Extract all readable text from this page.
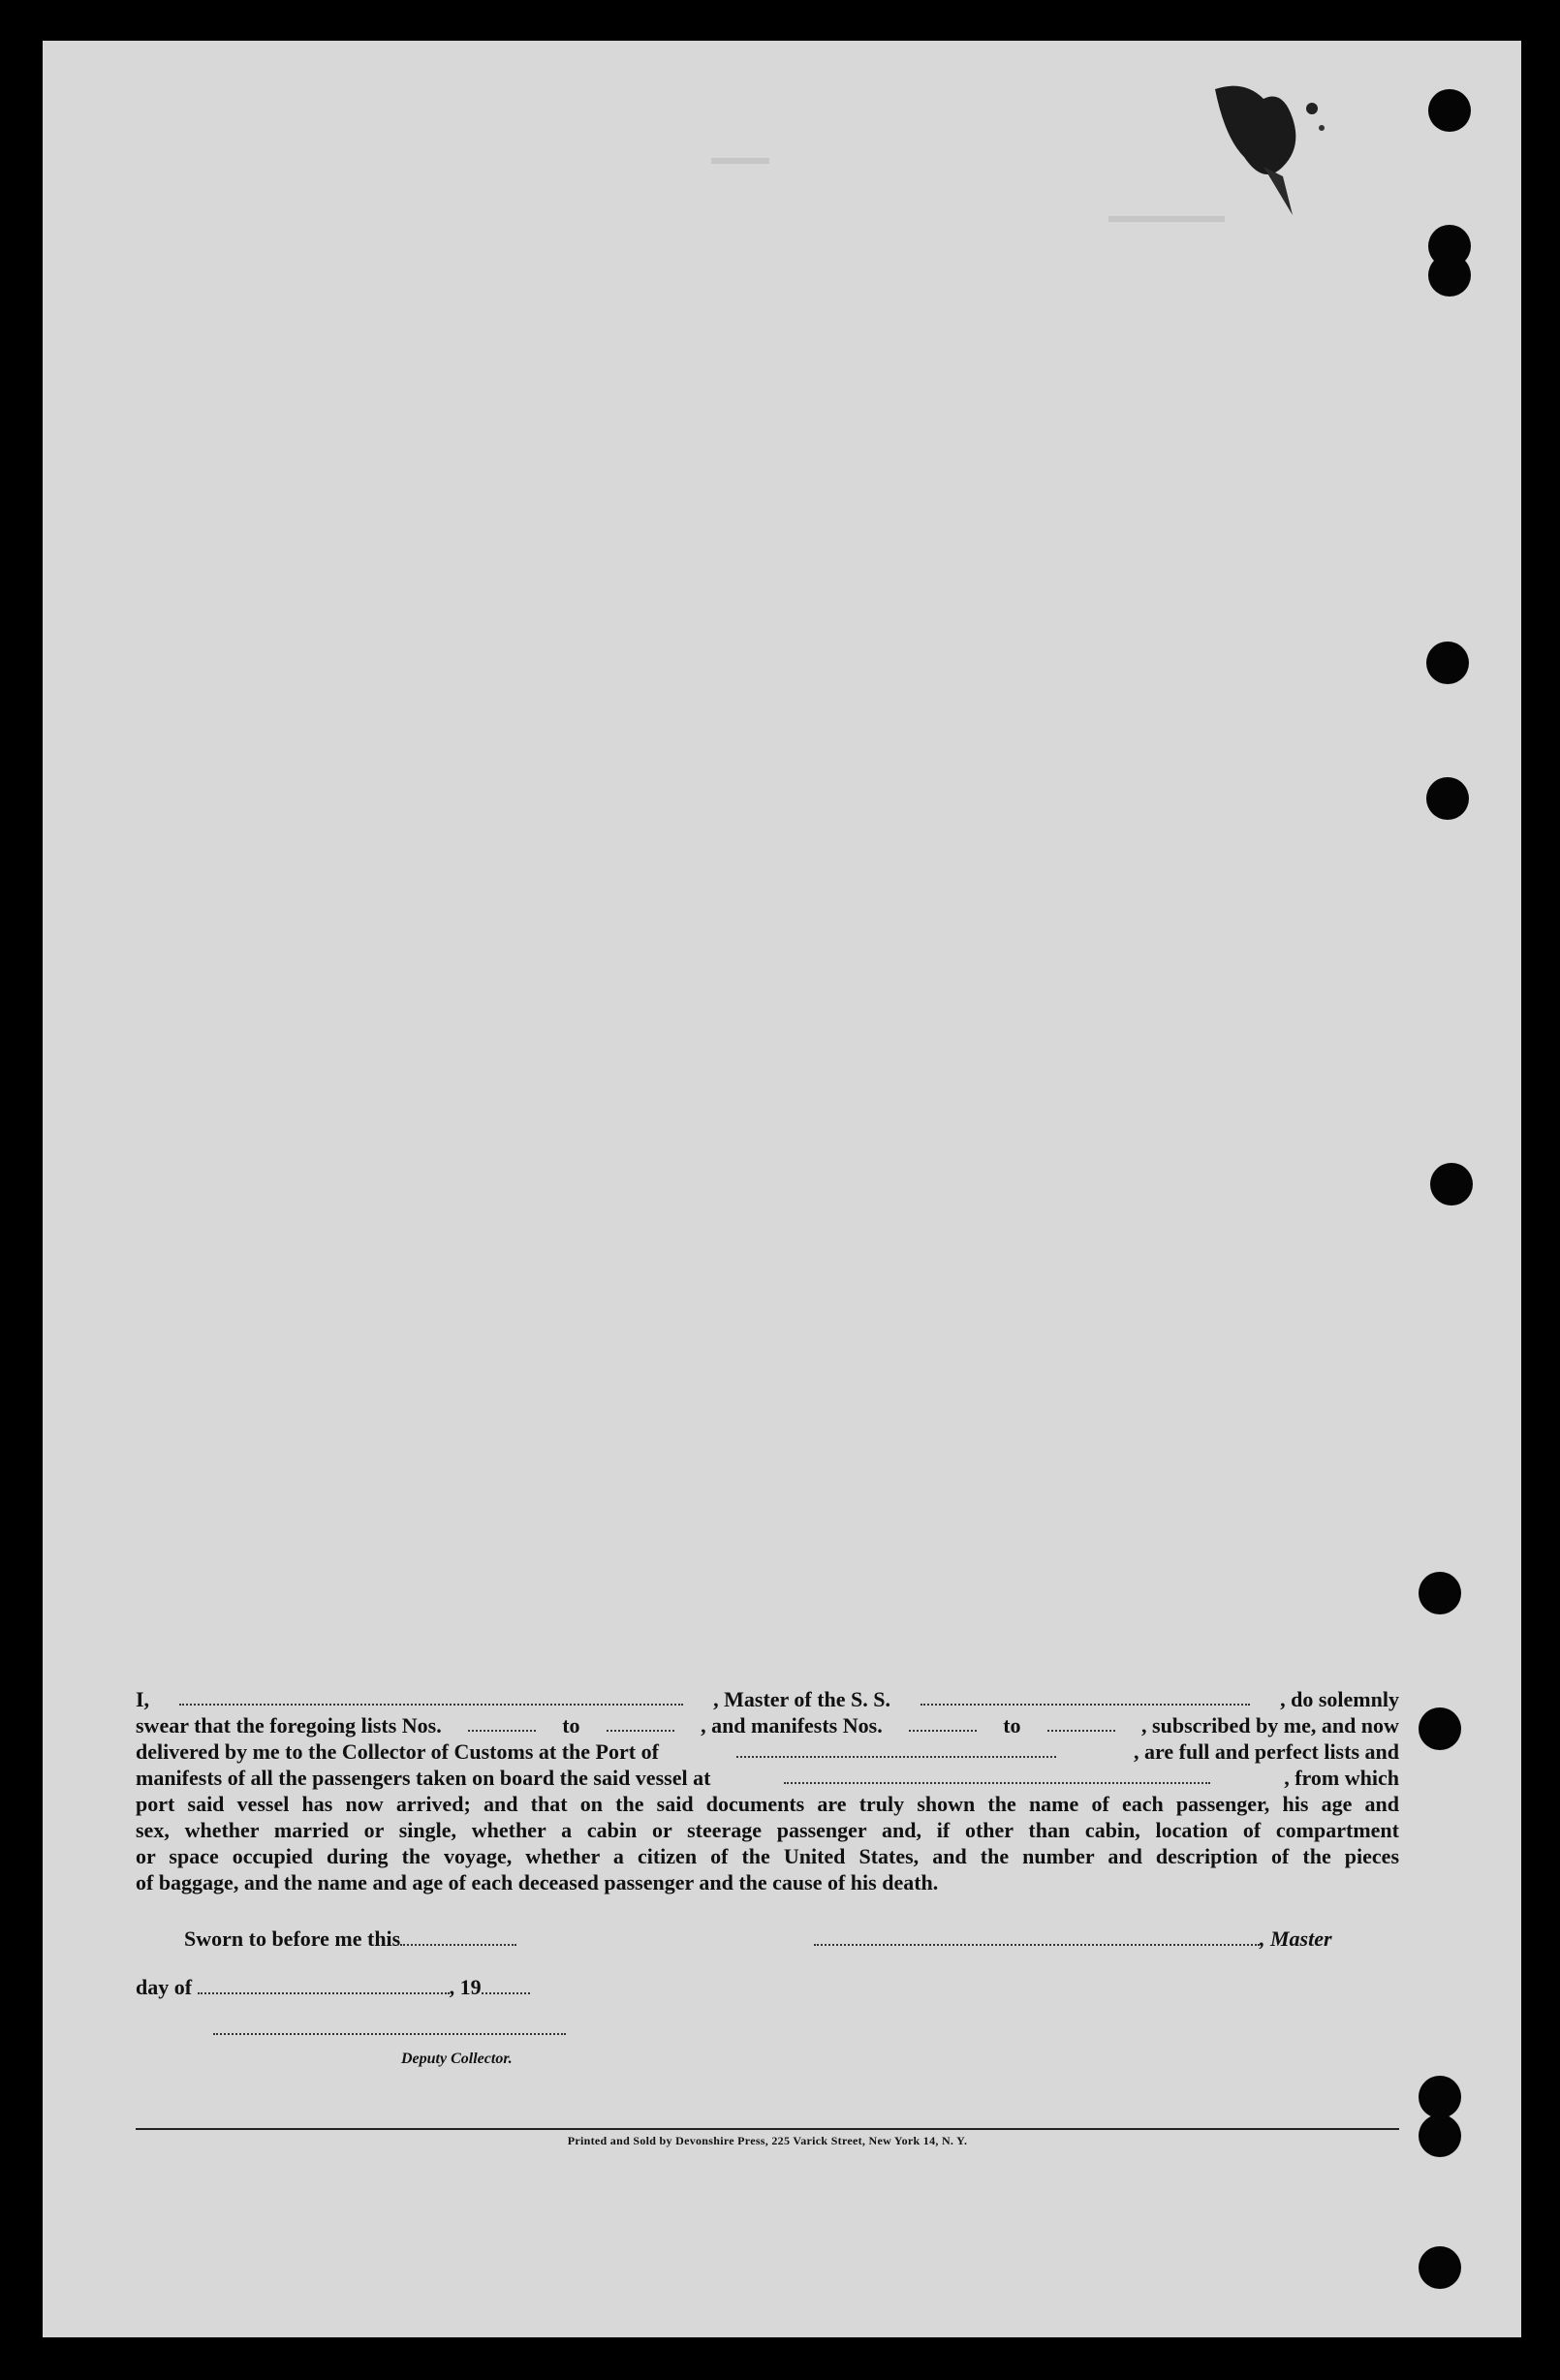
▬▬▬
▬▬▬▬▬▬
I,	, Master of the S. S.	, do solemnly
swear that the foregoing lists Nos.	to	, and manifests Nos.	to	, subscribed by me, and now
delivered by me to the Collector of Customs at the Port of	, are full and perfect lists and
manifests of all the passengers taken on board the said vessel at	, from which
port said vessel has now arrived; and that on the said documents are truly shown the name of each passenger, his age and
sex, whether married or single, whether a cabin or steerage passenger and, if other than cabin, location of compartment
or space occupied during the voyage, whether a citizen of the United States, and the number and description of the pieces
of baggage, and the name and age of each deceased passenger and the cause of his death.
Sworn to before me this	, Master
day of	, 19
Deputy Collector.
Printed and Sold by Devonshire Press, 225 Varick Street, New York 14, N. Y.
